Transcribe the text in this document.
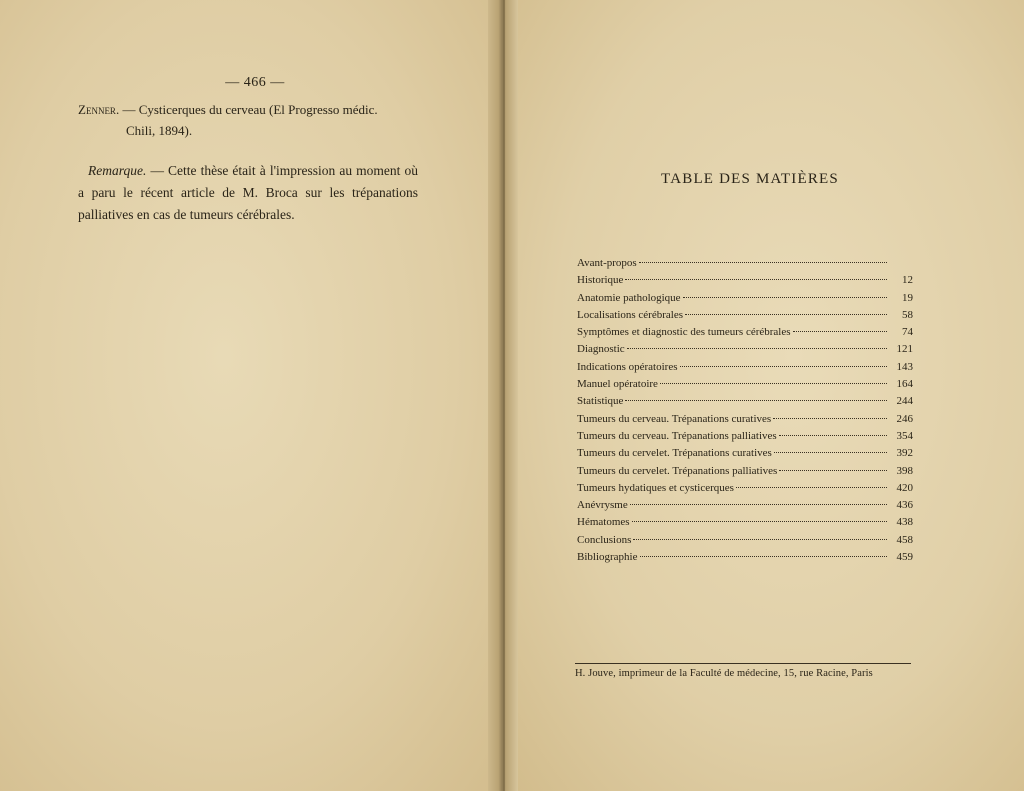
— 466 —
Zenner. — Cysticerques du cerveau (El Progresso médic.
Chili, 1894).
Remarque. — Cette thèse était à l'impression au moment où a paru le récent article de M. Broca sur les trépanations palliatives en cas de tumeurs cérébrales.
TABLE DES MATIÈRES
Avant-propos
Historique	12
Anatomie pathologique	19
Localisations cérébrales	58
Symptômes et diagnostic des tumeurs cérébrales	74
Diagnostic	121
Indications opératoires	143
Manuel opératoire	164
Statistique	244
Tumeurs du cerveau. Trépanations curatives	246
Tumeurs du cerveau. Trépanations palliatives	354
Tumeurs du cervelet. Trépanations curatives	392
Tumeurs du cervelet. Trépanations palliatives	398
Tumeurs hydatiques et cysticerques	420
Anévrysme	436
Hématomes	438
Conclusions	458
Bibliographie	459
H. Jouve, imprimeur de la Faculté de médecine, 15, rue Racine, Paris
